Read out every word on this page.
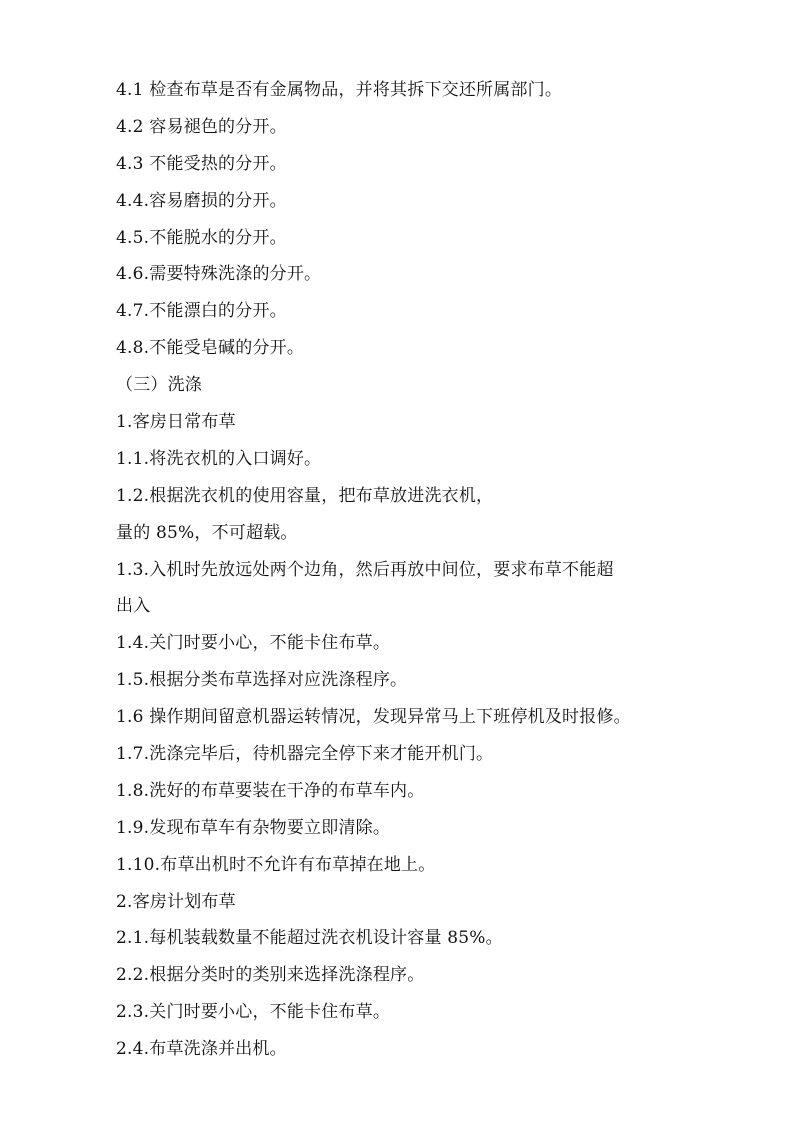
4.1 检查布草是否有金属物品，并将其拆下交还所属部门。
4.2 容易褪色的分开。
4.3 不能受热的分开。
4.4.容易磨损的分开。
4.5.不能脱水的分开。
4.6.需要特殊洗涤的分开。
4.7.不能漂白的分开。
4.8.不能受皂碱的分开。
（三）洗涤
1.客房日常布草
1.1.将洗衣机的入口调好。
1.2.根据洗衣机的使用容量，把布草放进洗衣机，
量的 85%，不可超载。
1.3.入机时先放远处两个边角，然后再放中间位，要求布草不能超
出入
1.4.关门时要小心，不能卡住布草。
1.5.根据分类布草选择对应洗涤程序。
1.6 操作期间留意机器运转情况，发现异常马上下班停机及时报修。
1.7.洗涤完毕后，待机器完全停下来才能开机门。
1.8.洗好的布草要装在干净的布草车内。
1.9.发现布草车有杂物要立即清除。
1.10.布草出机时不允许有布草掉在地上。
2.客房计划布草
2.1.每机装载数量不能超过洗衣机设计容量 85%。
2.2.根据分类时的类别来选择洗涤程序。
2.3.关门时要小心，不能卡住布草。
2.4.布草洗涤并出机。
